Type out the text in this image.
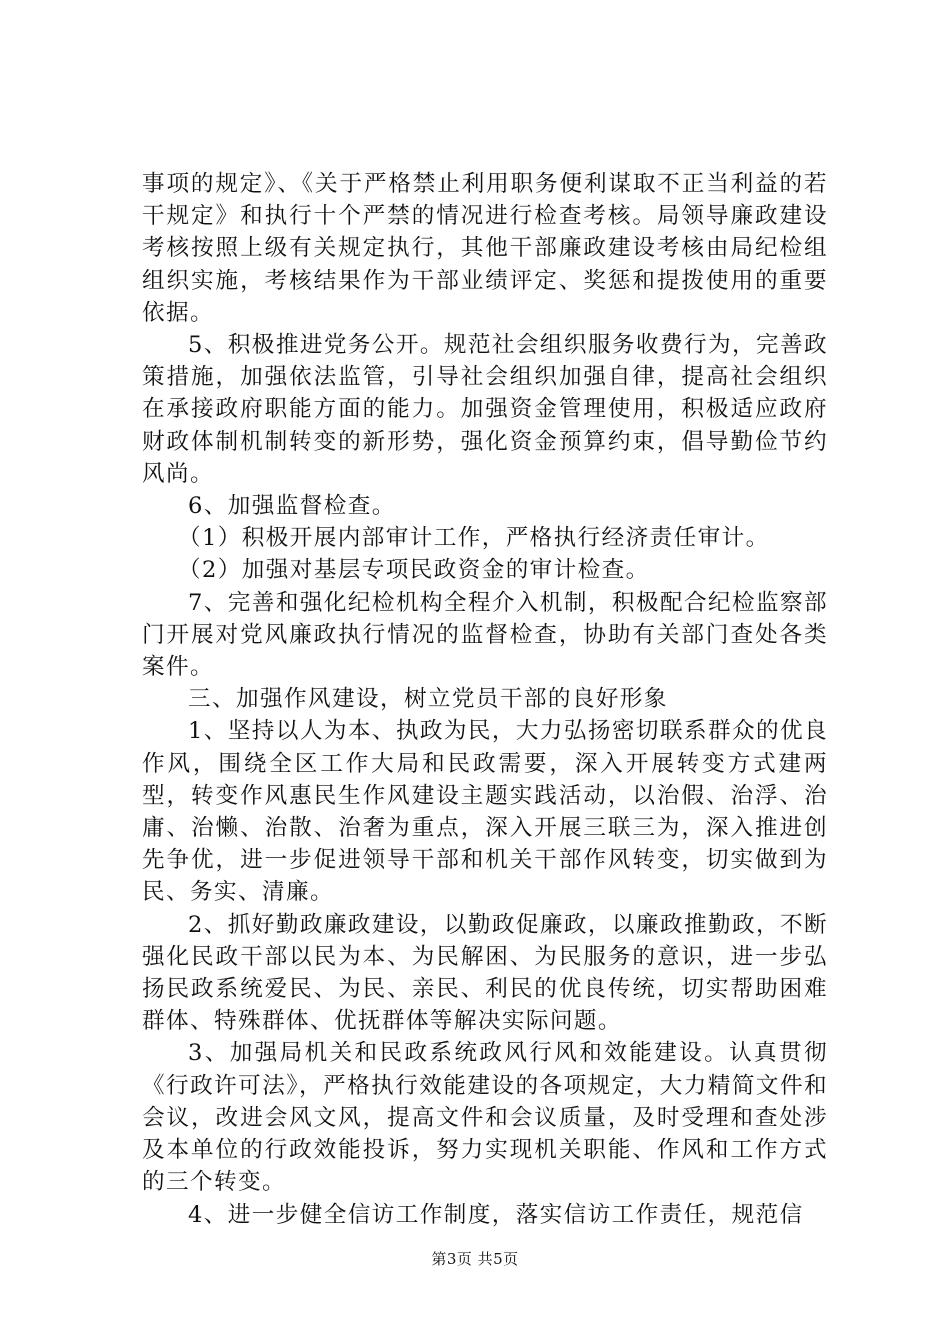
事项的规定》、《关于严格禁止利用职务便利谋取不正当利益的若干规定》和执行十个严禁的情况进行检查考核。局领导廉政建设考核按照上级有关规定执行，其他干部廉政建设考核由局纪检组组织实施，考核结果作为干部业绩评定、奖惩和提拨使用的重要依据。

5、积极推进党务公开。规范社会组织服务收费行为，完善政策措施，加强依法监管，引导社会组织加强自律，提高社会组织在承接政府职能方面的能力。加强资金管理使用，积极适应政府财政体制机制转变的新形势，强化资金预算约束，倡导勤俭节约风尚。

6、加强监督检查。

（1）积极开展内部审计工作，严格执行经济责任审计。

（2）加强对基层专项民政资金的审计检查。

7、完善和强化纪检机构全程介入机制，积极配合纪检监察部门开展对党风廉政执行情况的监督检查，协助有关部门查处各类案件。

三、加强作风建设，树立党员干部的良好形象

1、坚持以人为本、执政为民，大力弘扬密切联系群众的优良作风，围绕全区工作大局和民政需要，深入开展转变方式建两型，转变作风惠民生作风建设主题实践活动，以治假、治浮、治庸、治懒、治散、治奢为重点，深入开展三联三为，深入推进创先争优，进一步促进领导干部和机关干部作风转变，切实做到为民、务实、清廉。

2、抓好勤政廉政建设，以勤政促廉政，以廉政推勤政，不断强化民政干部以民为本、为民解困、为民服务的意识，进一步弘扬民政系统爱民、为民、亲民、利民的优良传统，切实帮助困难群体、特殊群体、优抚群体等解决实际问题。

3、加强局机关和民政系统政风行风和效能建设。认真贯彻《行政许可法》，严格执行效能建设的各项规定，大力精简文件和会议，改进会风文风，提高文件和会议质量，及时受理和查处涉及本单位的行政效能投诉，努力实现机关职能、作风和工作方式的三个转变。

4、进一步健全信访工作制度，落实信访工作责任，规范信

第3页 共5页
